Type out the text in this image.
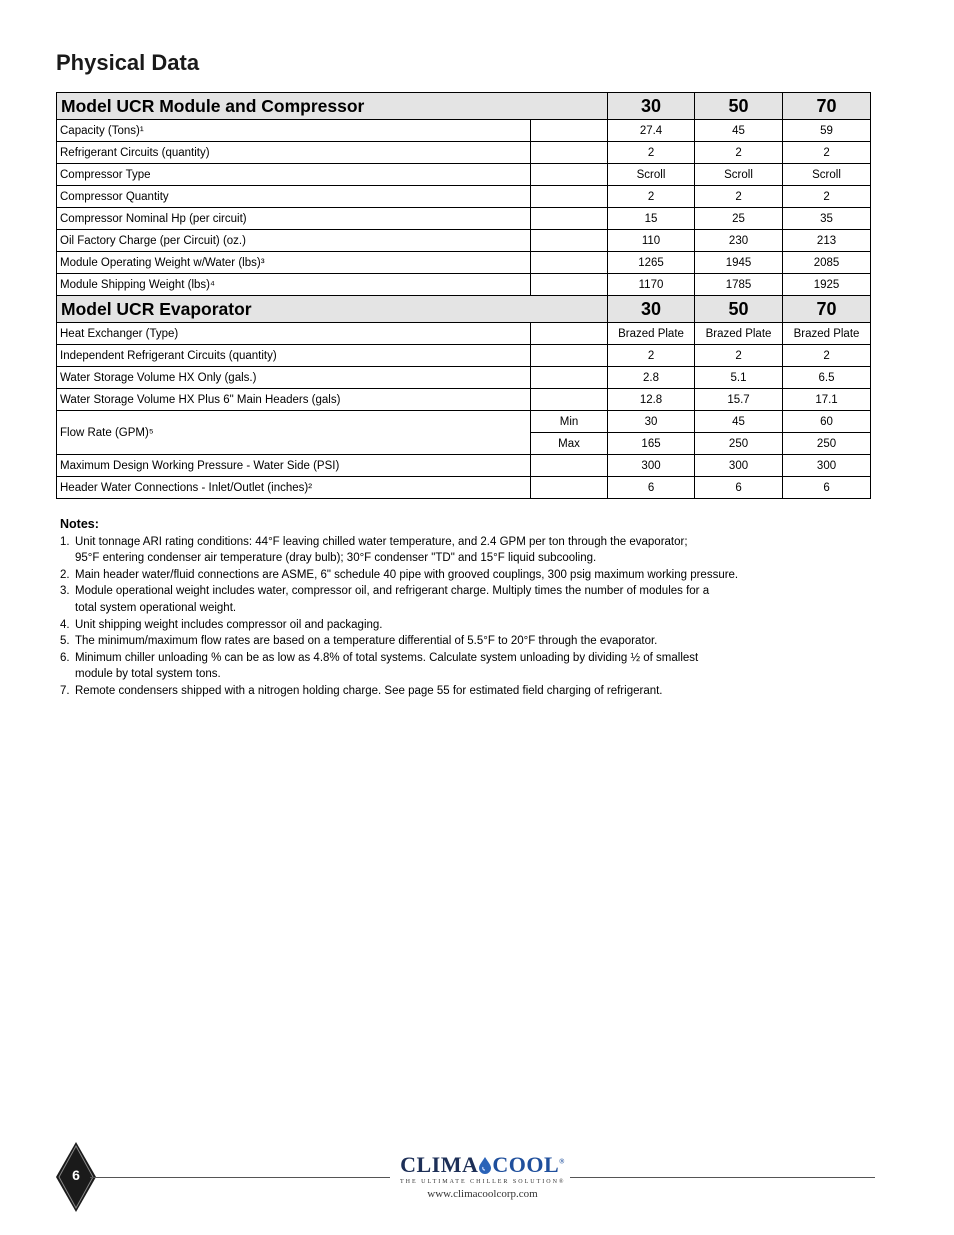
Physical Data
Model UCR Module and Compressor		30	50	70
Capacity (Tons)¹		27.4	45	59
Refrigerant Circuits (quantity)		2	2	2
Compressor Type		Scroll	Scroll	Scroll
Compressor Quantity		2	2	2
Compressor Nominal Hp (per circuit)		15	25	35
Oil Factory Charge (per Circuit) (oz.)		110	230	213
Module Operating Weight w/Water (lbs)³		1265	1945	2085
Module Shipping Weight (lbs)⁴		1170	1785	1925
Model UCR Evaporator		30	50	70
Heat Exchanger (Type)		Brazed Plate	Brazed Plate	Brazed Plate
Independent Refrigerant Circuits (quantity)		2	2	2
Water Storage Volume HX Only (gals.)		2.8	5.1	6.5
Water Storage Volume HX Plus 6" Main Headers (gals)		12.8	15.7	17.1
Flow Rate (GPM)⁵	Min	30	45	60
	Max	165	250	250
Maximum Design Working Pressure - Water Side (PSI)		300	300	300
Header Water Connections - Inlet/Outlet (inches)²		6	6	6
Notes:
1. Unit tonnage ARI rating conditions: 44°F leaving chilled water temperature, and 2.4 GPM per ton through the evaporator;
95°F entering condenser air temperature (dray bulb); 30°F condenser "TD" and 15°F liquid subcooling.
2. Main header water/fluid connections are ASME, 6" schedule 40 pipe with grooved couplings, 300 psig maximum working pressure.
3. Module operational weight includes water, compressor oil, and refrigerant charge. Multiply times the number of modules for a
total system operational weight.
4. Unit shipping weight includes compressor oil and packaging.
5. The minimum/maximum flow rates are based on a temperature differential of 5.5°F to 20°F through the evaporator.
6. Minimum chiller unloading % can be as low as 4.8% of total systems. Calculate system unloading by dividing ½ of smallest
module by total system tons.
7. Remote condensers shipped with a nitrogen holding charge. See page 55 for estimated field charging of refrigerant.
6	CLIMA COOL®
THE ULTIMATE CHILLER SOLUTION®
www.climacoolcorp.com
